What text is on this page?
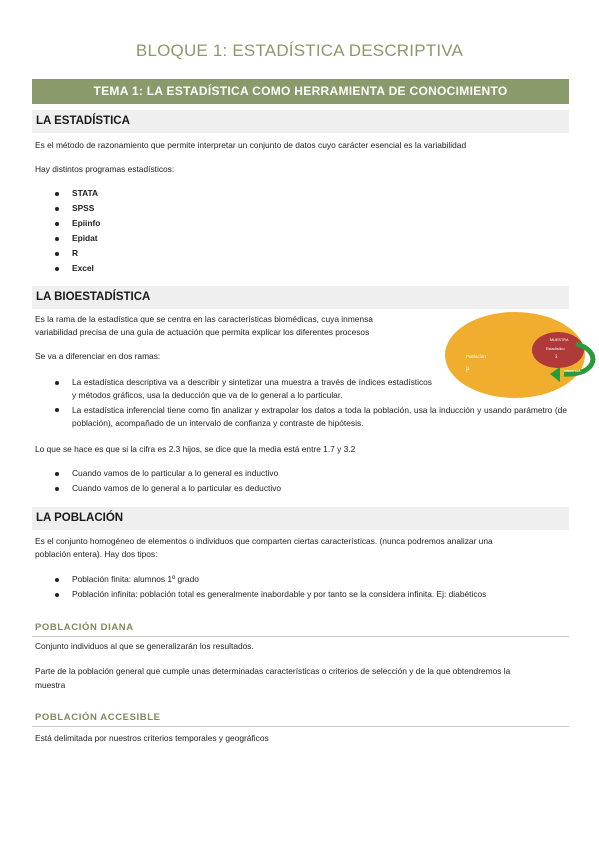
BLOQUE 1: ESTADÍSTICA DESCRIPTIVA
TEMA 1: LA ESTADÍSTICA COMO HERRAMIENTA DE CONOCIMIENTO
LA ESTADÍSTICA
Es el método de razonamiento que permite interpretar un conjunto de datos cuyo carácter esencial es la variabilidad
Hay distintos programas estadísticos:
STATA
SPSS
Epiinfo
Epidat
R
Excel
LA BIOESTADÍSTICA
Es la rama de la estadística que se centra en las características biomédicas, cuya inmensa
variabilidad precisa de una guía de actuación que permita explicar los diferentes procesos
Se va a diferenciar en dos ramas:
La estadística descriptiva va a describir y sintetizar una muestra a través de índices estadísticos y métodos gráficos, usa la deducción que va de lo general a lo particular.
La estadística inferencial tiene como fin analizar y extrapolar los datos a toda la población, usa la inducción y usando parámetro (de población), acompañado de un intervalo de confianza y contraste de hipótesis.
Lo que se hace es que si la cifra es 2.3 hijos, se dice que la media está entre 1.7 y 3.2
Cuando vamos de lo particular a lo general es inductivo
Cuando vamos de lo general a lo particular es deductivo
Población
μ
MUESTRA
Estadístico
x̄
inferencia
LA POBLACIÓN
Es el conjunto homogéneo de elementos o individuos que comparten ciertas características. (nunca podremos analizar una
población entera). Hay dos tipos:
Población finita: alumnos 1º grado
Población infinita: población total es generalmente inabordable y por tanto se la considera infinita. Ej: diabéticos
POBLACIÓN DIANA
Conjunto individuos al que se generalizarán los resultados.
Parte de la población general que cumple unas determinadas características o criterios de selección y de la que obtendremos la
muestra
POBLACIÓN ACCESIBLE
Está delimitada por nuestros criterios temporales y geográficos
